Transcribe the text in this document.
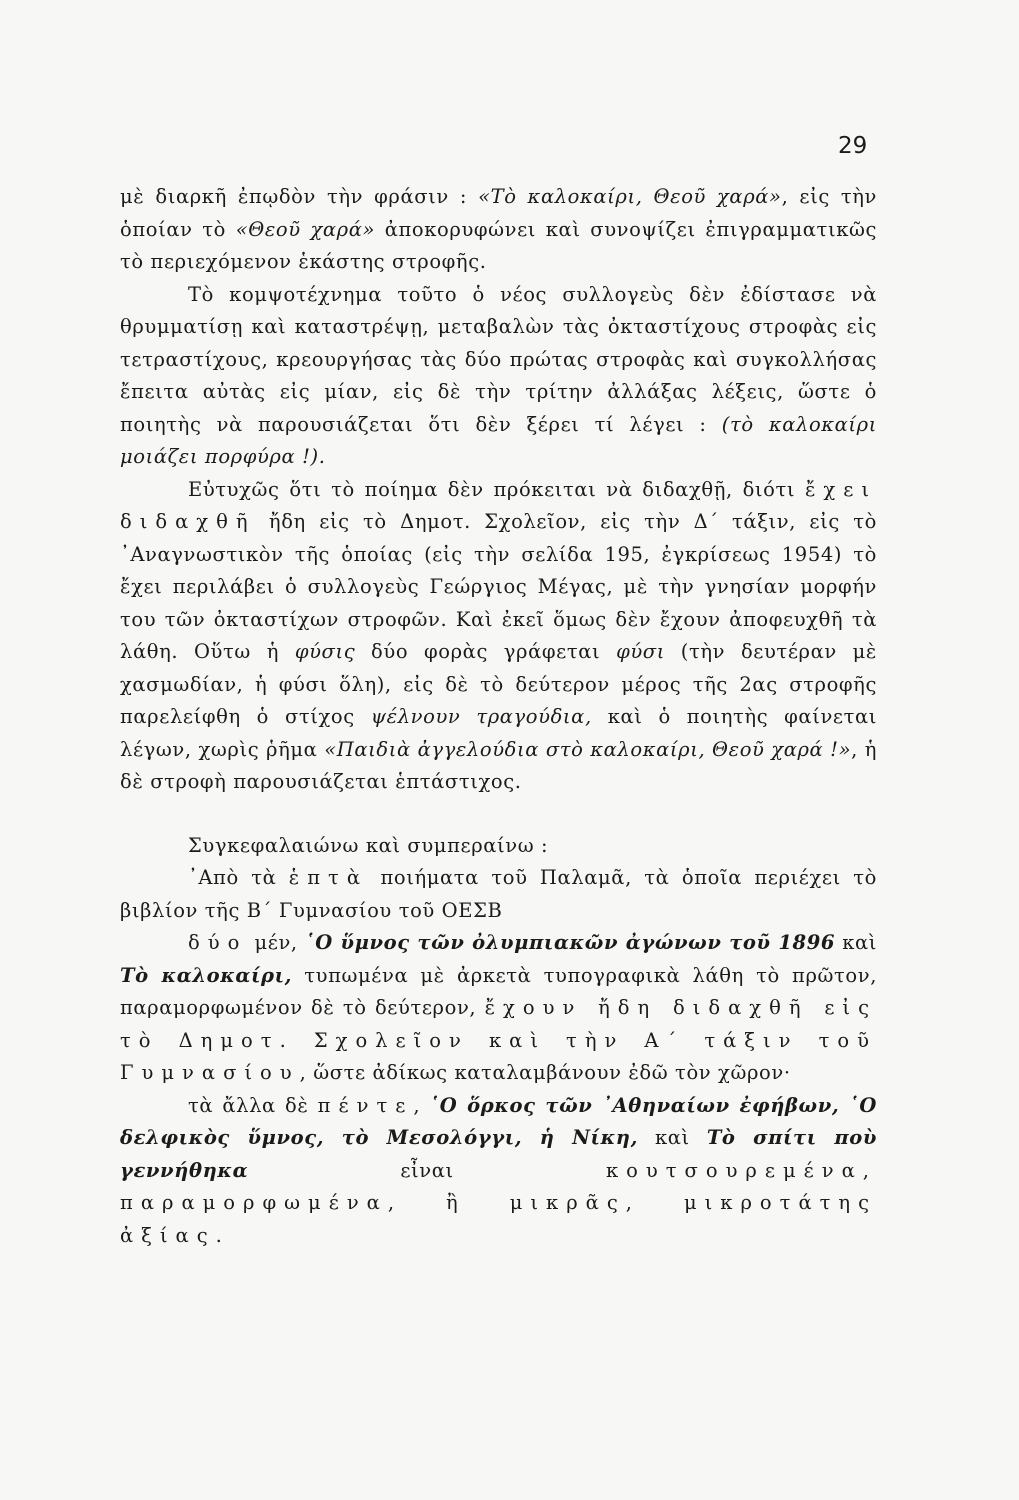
29

μὲ διαρκῆ ἐπῳδὸν τὴν φράσιν : «Τὸ καλοκαίρι, Θεοῦ χαρά», εἰς τὴν ὁποίαν τὸ «Θεοῦ χαρά» ἀποκορυφώνει καὶ συνοψίζει ἐπιγραμματικῶς τὸ περιεχόμενον ἑκάστης στροφῆς.

Τὸ κομψοτέχνημα τοῦτο ὁ νέος συλλογεὺς δὲν ἐδίστασε νὰ θρυμματίσῃ καὶ καταστρέψῃ, μεταβαλὼν τὰς ὀκταστίχους στροφὰς εἰς τετραστίχους, κρεουργήσας τὰς δύο πρώτας στροφὰς καὶ συγκολλήσας ἔπειτα αὐτὰς εἰς μίαν, εἰς δὲ τὴν τρίτην ἀλλάξας λέξεις, ὥστε ὁ ποιητὴς νὰ παρουσιάζεται ὅτι δὲν ξέρει τί λέγει : (τὸ καλοκαίρι μοιάζει πορφύρα !).

Εὐτυχῶς ὅτι τὸ ποίημα δὲν πρόκειται νὰ διδαχθῇ, διότι ἔχει διδαχθῆ ἤδη εἰς τὸ Δημοτ. Σχολεῖον, εἰς τὴν Δ΄ τάξιν, εἰς τὸ ᾿Αναγνωστικὸν τῆς ὁποίας (εἰς τὴν σελίδα 195, ἐγκρίσεως 1954) τὸ ἔχει περιλάβει ὁ συλλογεὺς Γεώργιος Μέγας, μὲ τὴν γνησίαν μορφήν του τῶν ὀκταστίχων στροφῶν. Καὶ ἐκεῖ ὅμως δὲν ἔχουν ἀποφευχθῆ τὰ λάθη. Οὕτω ἡ φύσις δύο φορὰς γράφεται φύσι (τὴν δευτέραν μὲ χασμωδίαν, ἡ φύσι ὅλη), εἰς δὲ τὸ δεύτερον μέρος τῆς 2ας στροφῆς παρελείφθη ὁ στίχος ψέλνουν τραγούδια, καὶ ὁ ποιητὴς φαίνεται λέγων, χωρὶς ῥῆμα «Παιδιὰ ἀγγελούδια στὸ καλοκαίρι, Θεοῦ χαρά !», ἡ δὲ στροφὴ παρουσιάζεται ἑπτάστιχος.

Συγκεφαλαιώνω καὶ συμπεραίνω :

᾿Απὸ τὰ ἑπτὰ ποιήματα τοῦ Παλαμᾶ, τὰ ὁποῖα περιέχει τὸ βιβλίον τῆς Β΄ Γυμνασίου τοῦ ΟΕΣΒ

δύο μέν, ῾Ο ὕμνος τῶν ὀλυμπιακῶν ἀγώνων τοῦ 1896 καὶ Τὸ καλοκαίρι, τυπωμένα μὲ ἀρκετὰ τυπογραφικὰ λάθη τὸ πρῶτον, παραμορφωμένον δὲ τὸ δεύτερον, ἔχουν ἤδη διδαχθῆ εἰς τὸ Δημοτ. Σχολεῖον καὶ τὴν Α΄ τάξιν τοῦ Γυμνασίου, ὥστε ἀδίκως καταλαμβάνουν ἐδῶ τὸν χῶρον·

τὰ ἄλλα δὲ πέντε, ῾Ο ὅρκος τῶν ᾿Αθηναίων ἐφήβων, ῾Ο δελφικὸς ὕμνος, τὸ Μεσολόγγι, ἡ Νίκη, καὶ Τὸ σπίτι ποὺ γεννήθηκα εἶναι κουτσουρεμένα, παραμορφωμένα, ἢ μικρᾶς, μικροτάτης ἀξίας.
